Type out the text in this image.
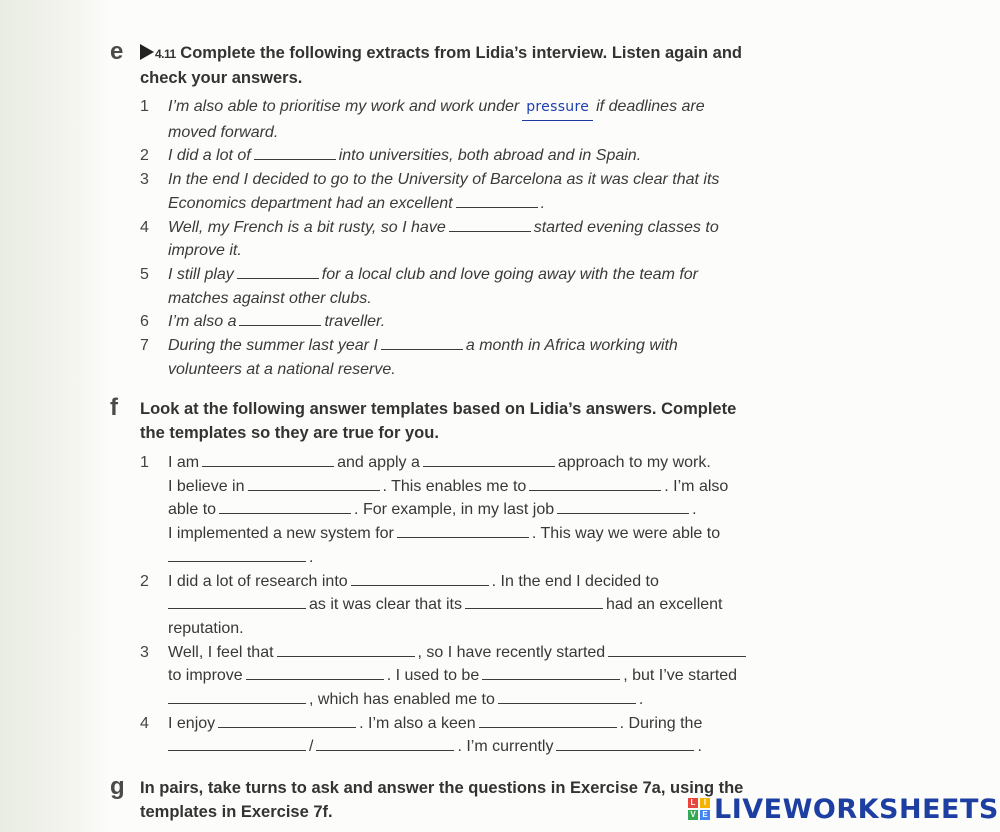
e	4.11 Complete the following extracts from Lidia’s interview. Listen again and
check your answers.
1 I’m also able to prioritise my work and work under pressure if deadlines are
moved forward.
2 I did a lot of	into universities, both abroad and in Spain.
3 In the end I decided to go to the University of Barcelona as it was clear that its
Economics department had an excellent	.
4 Well, my French is a bit rusty, so I have	started evening classes to
improve it.
5 I still play	for a local club and love going away with the team for
matches against other clubs.
6 I’m also a	traveller.
7 During the summer last year I	a month in Africa working with
volunteers at a national reserve.
f	Look at the following answer templates based on Lidia’s answers. Complete
the templates so they are true for you.
1 I am	and apply a	approach to my work.
I believe in	. This enables me to	. I’m also
able to	. For example, in my last job	.
I implemented a new system for	. This way we were able to
.
2 I did a lot of research into	. In the end I decided to
as it was clear that its	had an excellent
reputation.
3 Well, I feel that	, so I have recently started
to improve	. I used to be	, but I’ve started
, which has enabled me to	.
4 I enjoy	. I’m also a keen	. During the
/	. I’m currently	.
g In pairs, take turns to ask and answer the questions in Exercise 7a, using the
templates in Exercise 7f.	L	I
V E LIVEWORKSHEETS
